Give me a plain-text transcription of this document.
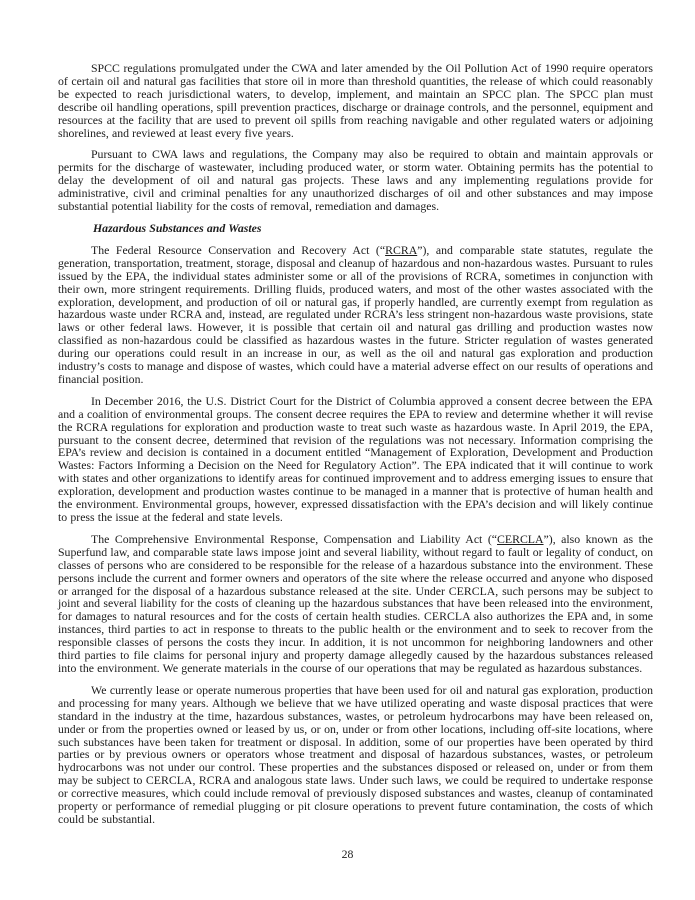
SPCC regulations promulgated under the CWA and later amended by the Oil Pollution Act of 1990 require operators of certain oil and natural gas facilities that store oil in more than threshold quantities, the release of which could reasonably be expected to reach jurisdictional waters, to develop, implement, and maintain an SPCC plan. The SPCC plan must describe oil handling operations, spill prevention practices, discharge or drainage controls, and the personnel, equipment and resources at the facility that are used to prevent oil spills from reaching navigable and other regulated waters or adjoining shorelines, and reviewed at least every five years.
Pursuant to CWA laws and regulations, the Company may also be required to obtain and maintain approvals or permits for the discharge of wastewater, including produced water, or storm water. Obtaining permits has the potential to delay the development of oil and natural gas projects. These laws and any implementing regulations provide for administrative, civil and criminal penalties for any unauthorized discharges of oil and other substances and may impose substantial potential liability for the costs of removal, remediation and damages.
Hazardous Substances and Wastes
The Federal Resource Conservation and Recovery Act (“RCRA”), and comparable state statutes, regulate the generation, transportation, treatment, storage, disposal and cleanup of hazardous and non-hazardous wastes. Pursuant to rules issued by the EPA, the individual states administer some or all of the provisions of RCRA, sometimes in conjunction with their own, more stringent requirements. Drilling fluids, produced waters, and most of the other wastes associated with the exploration, development, and production of oil or natural gas, if properly handled, are currently exempt from regulation as hazardous waste under RCRA and, instead, are regulated under RCRA’s less stringent non-hazardous waste provisions, state laws or other federal laws. However, it is possible that certain oil and natural gas drilling and production wastes now classified as non-hazardous could be classified as hazardous wastes in the future. Stricter regulation of wastes generated during our operations could result in an increase in our, as well as the oil and natural gas exploration and production industry’s costs to manage and dispose of wastes, which could have a material adverse effect on our results of operations and financial position.
In December 2016, the U.S. District Court for the District of Columbia approved a consent decree between the EPA and a coalition of environmental groups. The consent decree requires the EPA to review and determine whether it will revise the RCRA regulations for exploration and production waste to treat such waste as hazardous waste. In April 2019, the EPA, pursuant to the consent decree, determined that revision of the regulations was not necessary. Information comprising the EPA’s review and decision is contained in a document entitled “Management of Exploration, Development and Production Wastes: Factors Informing a Decision on the Need for Regulatory Action”. The EPA indicated that it will continue to work with states and other organizations to identify areas for continued improvement and to address emerging issues to ensure that exploration, development and production wastes continue to be managed in a manner that is protective of human health and the environment. Environmental groups, however, expressed dissatisfaction with the EPA’s decision and will likely continue to press the issue at the federal and state levels.
The Comprehensive Environmental Response, Compensation and Liability Act (“CERCLA”), also known as the Superfund law, and comparable state laws impose joint and several liability, without regard to fault or legality of conduct, on classes of persons who are considered to be responsible for the release of a hazardous substance into the environment. These persons include the current and former owners and operators of the site where the release occurred and anyone who disposed or arranged for the disposal of a hazardous substance released at the site. Under CERCLA, such persons may be subject to joint and several liability for the costs of cleaning up the hazardous substances that have been released into the environment, for damages to natural resources and for the costs of certain health studies. CERCLA also authorizes the EPA and, in some instances, third parties to act in response to threats to the public health or the environment and to seek to recover from the responsible classes of persons the costs they incur. In addition, it is not uncommon for neighboring landowners and other third parties to file claims for personal injury and property damage allegedly caused by the hazardous substances released into the environment. We generate materials in the course of our operations that may be regulated as hazardous substances.
We currently lease or operate numerous properties that have been used for oil and natural gas exploration, production and processing for many years. Although we believe that we have utilized operating and waste disposal practices that were standard in the industry at the time, hazardous substances, wastes, or petroleum hydrocarbons may have been released on, under or from the properties owned or leased by us, or on, under or from other locations, including off-site locations, where such substances have been taken for treatment or disposal. In addition, some of our properties have been operated by third parties or by previous owners or operators whose treatment and disposal of hazardous substances, wastes, or petroleum hydrocarbons was not under our control. These properties and the substances disposed or released on, under or from them may be subject to CERCLA, RCRA and analogous state laws. Under such laws, we could be required to undertake response or corrective measures, which could include removal of previously disposed substances and wastes, cleanup of contaminated property or performance of remedial plugging or pit closure operations to prevent future contamination, the costs of which could be substantial.
28
